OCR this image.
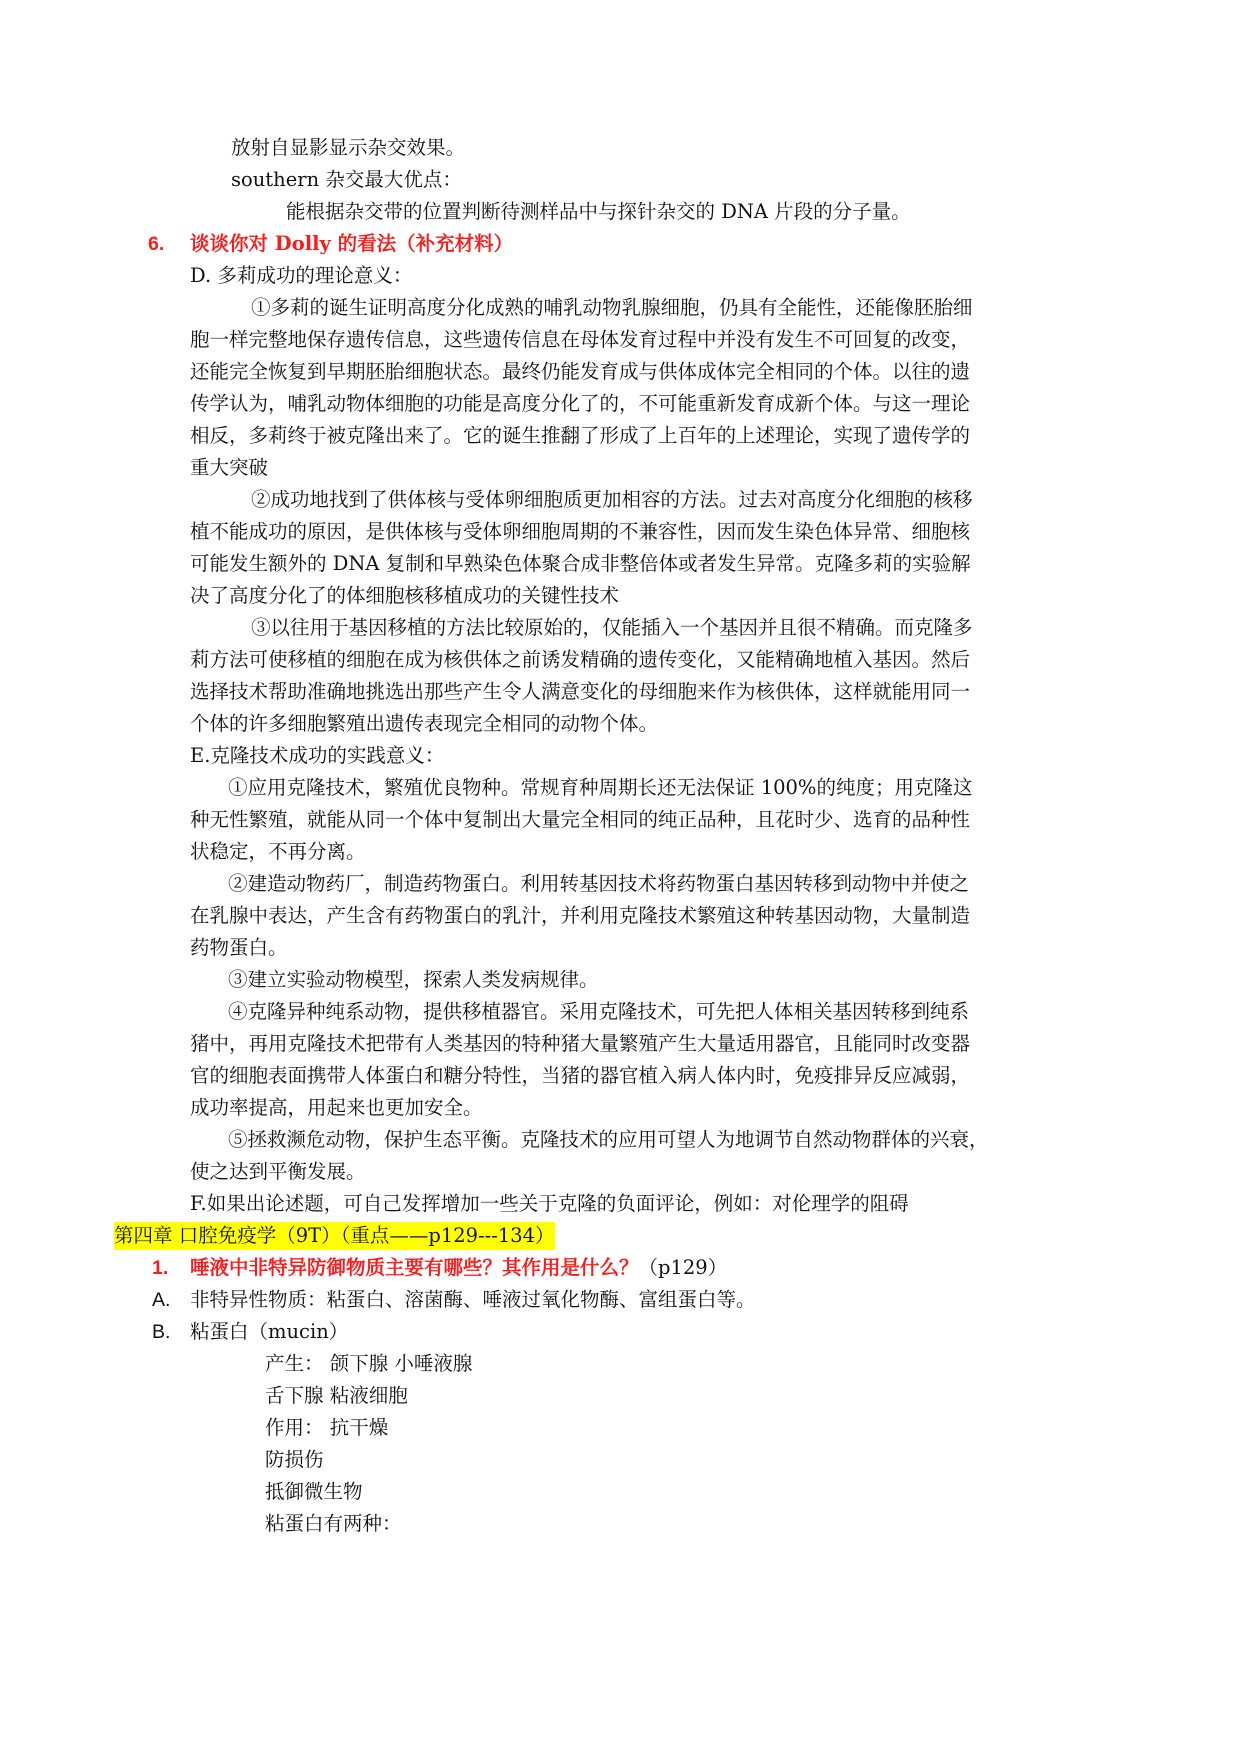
放射自显影显示杂交效果。
southern 杂交最大优点：
能根据杂交带的位置判断待测样品中与探针杂交的 DNA 片段的分子量。
6. 谈谈你对 Dolly 的看法（补充材料）
D. 多莉成功的理论意义：
①多莉的诞生证明高度分化成熟的哺乳动物乳腺细胞，仍具有全能性，还能像胚胎细
胞一样完整地保存遗传信息，这些遗传信息在母体发育过程中并没有发生不可回复的改变，
还能完全恢复到早期胚胎细胞状态。最终仍能发育成与供体成体完全相同的个体。以往的遗
传学认为，哺乳动物体细胞的功能是高度分化了的，不可能重新发育成新个体。与这一理论
相反，多莉终于被克隆出来了。它的诞生推翻了形成了上百年的上述理论，实现了遗传学的
重大突破
②成功地找到了供体核与受体卵细胞质更加相容的方法。过去对高度分化细胞的核移
植不能成功的原因，是供体核与受体卵细胞周期的不兼容性，因而发生染色体异常、细胞核
可能发生额外的 DNA 复制和早熟染色体聚合成非整倍体或者发生异常。克隆多莉的实验解
决了高度分化了的体细胞核移植成功的关键性技术
③以往用于基因移植的方法比较原始的，仅能插入一个基因并且很不精确。而克隆多
莉方法可使移植的细胞在成为核供体之前诱发精确的遗传变化，又能精确地植入基因。然后
选择技术帮助准确地挑选出那些产生令人满意变化的母细胞来作为核供体，这样就能用同一
个体的许多细胞繁殖出遗传表现完全相同的动物个体。
E.克隆技术成功的实践意义：
①应用克隆技术，繁殖优良物种。常规育种周期长还无法保证 100%的纯度；用克隆这
种无性繁殖，就能从同一个体中复制出大量完全相同的纯正品种，且花时少、选育的品种性
状稳定，不再分离。
②建造动物药厂，制造药物蛋白。利用转基因技术将药物蛋白基因转移到动物中并使之
在乳腺中表达，产生含有药物蛋白的乳汁，并利用克隆技术繁殖这种转基因动物，大量制造
药物蛋白。
③建立实验动物模型，探索人类发病规律。
④克隆异种纯系动物，提供移植器官。采用克隆技术，可先把人体相关基因转移到纯系
猪中，再用克隆技术把带有人类基因的特种猪大量繁殖产生大量适用器官，且能同时改变器
官的细胞表面携带人体蛋白和糖分特性，当猪的器官植入病人体内时，免疫排异反应减弱，
成功率提高，用起来也更加安全。
⑤拯救濒危动物，保护生态平衡。克隆技术的应用可望人为地调节自然动物群体的兴衰，
使之达到平衡发展。
F.如果出论述题，可自己发挥增加一些关于克隆的负面评论，例如：对伦理学的阻碍
第四章 口腔免疫学（9T）（重点——p129---134）
1. 唾液中非特异防御物质主要有哪些？其作用是什么？（p129）
A. 非特异性物质：粘蛋白、溶菌酶、唾液过氧化物酶、富组蛋白等。
B. 粘蛋白（mucin）
产生： 颌下腺 小唾液腺
舌下腺 粘液细胞
作用： 抗干燥
防损伤
抵御微生物
粘蛋白有两种：
